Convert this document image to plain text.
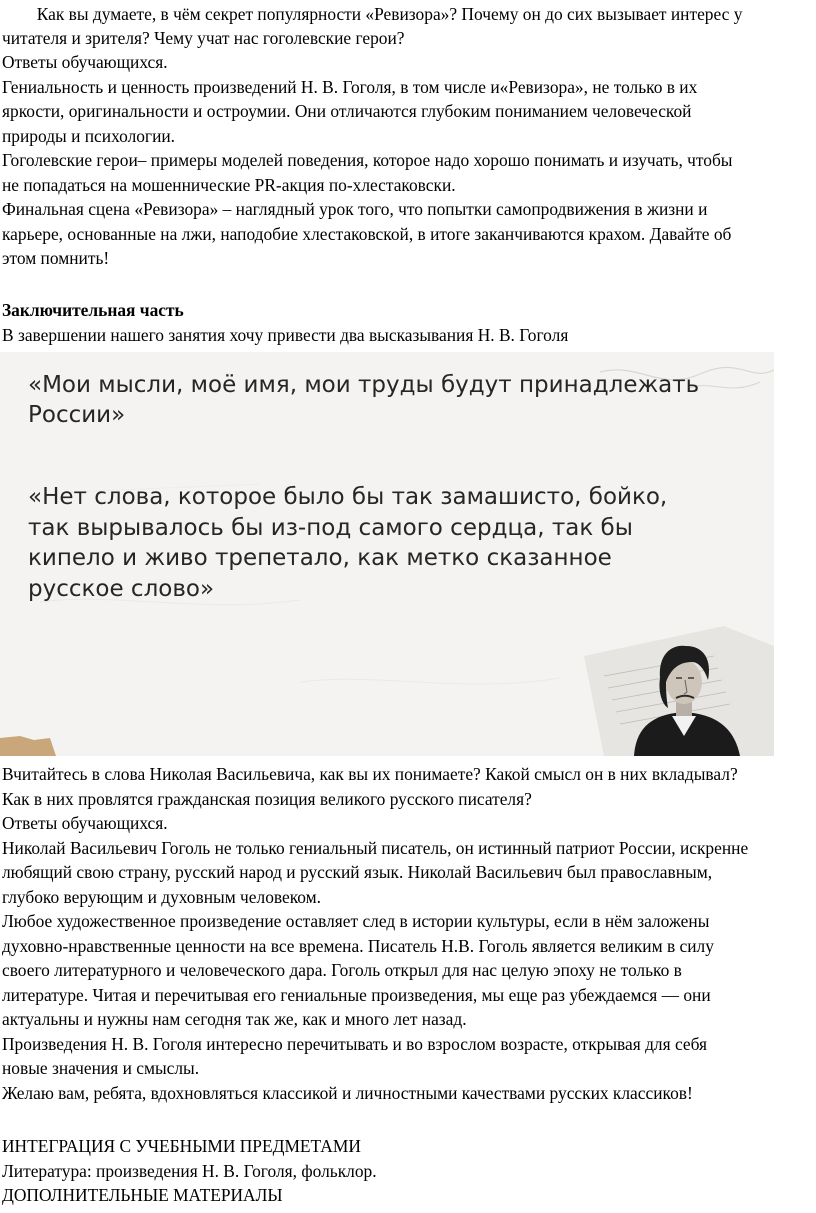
Как вы думаете, в чём секрет популярности «Ревизора»? Почему он до сих вызывает интерес у
читателя и зрителя? Чему учат нас гоголевские герои?
Ответы обучающихся.
Гениальность и ценность произведений Н. В. Гоголя, в том числе и«Ревизора», не только в их
яркости, оригинальности и остроумии. Они отличаются глубоким пониманием человеческой
природы и психологии.
Гоголевские герои– примеры моделей поведения, которое надо хорошо понимать и изучать, чтобы
не попадаться на мошеннические PR-акция по-хлестаковски.
Финальная сцена «Ревизора» – наглядный урок того, что попытки самопродвижения в жизни и
карьере, основанные на лжи, наподобие хлестаковской, в итоге заканчиваются крахом. Давайте об
этом помнить!
Заключительная часть
В завершении нашего занятия хочу привести два высказывания Н. В. Гоголя
«Мои мысли, моё имя, мои труды будут принадлежать
России»
«Нет слова, которое было бы так замашисто, бойко,
так вырывалось бы из-под самого сердца, так бы
кипело и живо трепетало, как метко сказанное
русское слово»
Вчитайтесь в слова Николая Васильевича, как вы их понимаете? Какой смысл он в них вкладывал?
Как в них провлятся гражданская позиция великого русского писателя?
Ответы обучающихся.
Николай Васильевич Гоголь не только гениальный писатель, он истинный патриот России, искренне
любящий свою страну, русский народ и русский язык. Николай Васильевич был православным,
глубоко верующим и духовным человеком.
Любое художественное произведение оставляет след в истории культуры, если в нём заложены
духовно-нравственные ценности на все времена. Писатель Н.В. Гоголь является великим в силу
своего литературного и человеческого дара. Гоголь открыл для нас целую эпоху не только в
литературе. Читая и перечитывая его гениальные произведения, мы еще раз убеждаемся — они
актуальны и нужны нам сегодня так же, как и много лет назад.
Произведения Н. В. Гоголя интересно перечитывать и во взрослом возрасте, открывая для себя
новые значения и смыслы.
Желаю вам, ребята, вдохновляться классикой и личностными качествами русских классиков!
ИНТЕГРАЦИЯ С УЧЕБНЫМИ ПРЕДМЕТАМИ
Литература: произведения Н. В. Гоголя, фольклор.
ДОПОЛНИТЕЛЬНЫЕ МАТЕРИАЛЫ
